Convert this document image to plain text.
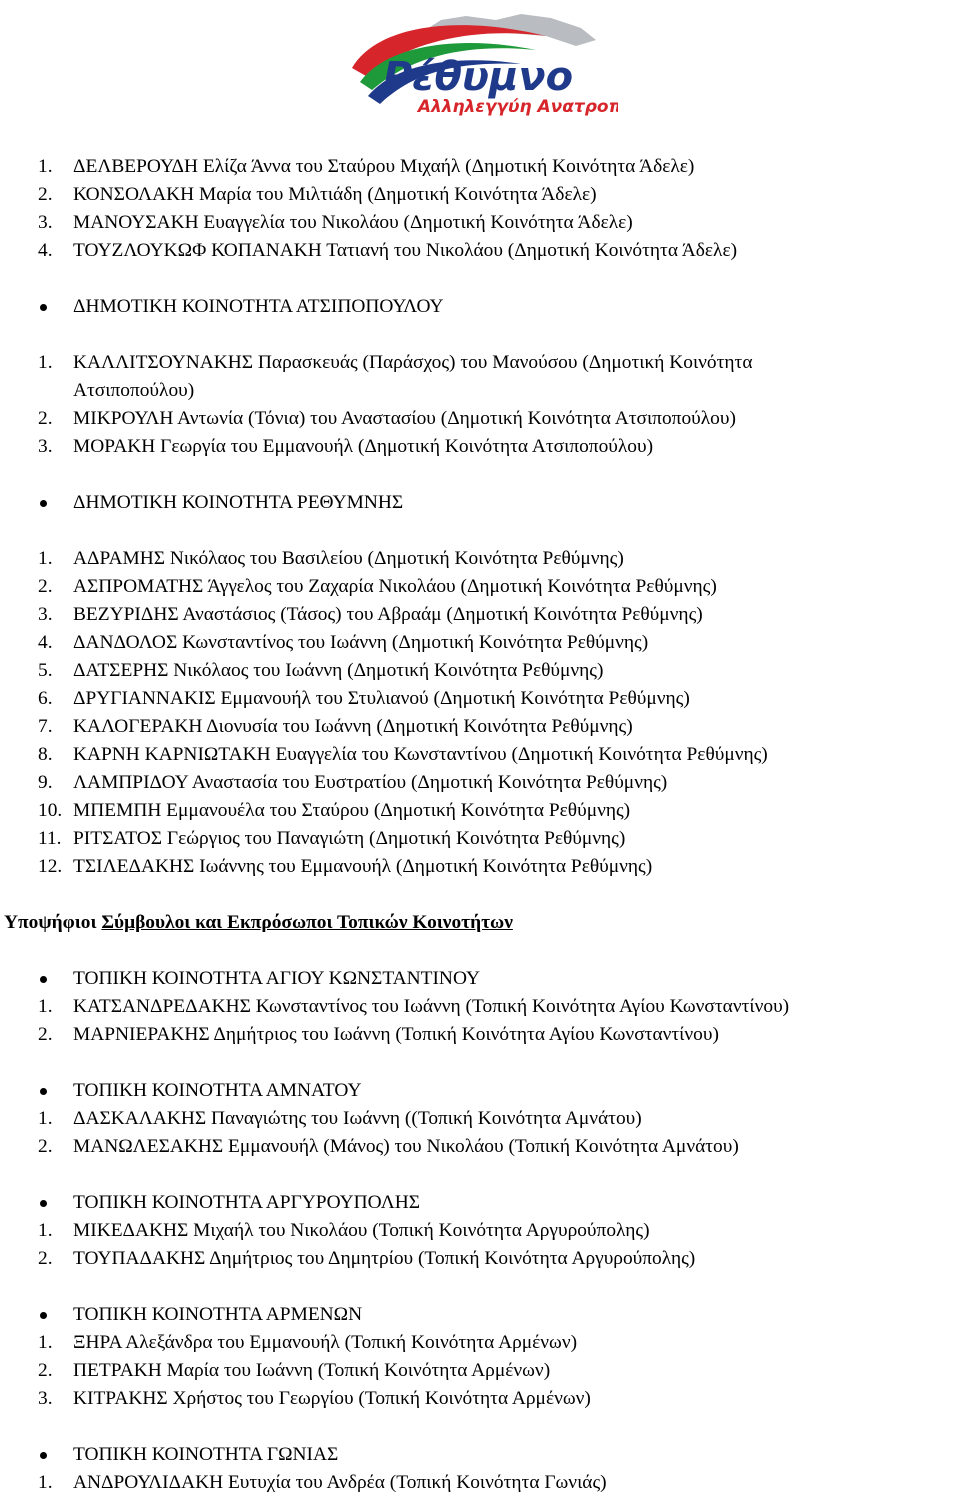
Ρέθυμνο
Αλληλεγγύη Ανατροπή
1.	ΔΕΛΒΕΡΟΥΔΗ Ελίζα Άννα του Σταύρου Μιχαήλ (Δημοτική Κοινότητα Άδελε)
2.	ΚΟΝΣΟΛΑΚΗ Μαρία του Μιλτιάδη (Δημοτική Κοινότητα Άδελε)
3.	ΜΑΝΟΥΣΑΚΗ Ευαγγελία του Νικολάου (Δημοτική Κοινότητα Άδελε)
4.	ΤΟΥΖΛΟΥΚΩΦ ΚΟΠΑΝΑΚΗ Τατιανή του Νικολάου (Δημοτική Κοινότητα Άδελε)
ΔΗΜΟΤΙΚΗ ΚΟΙΝΟΤΗΤΑ ΑΤΣΙΠΟΠΟΥΛΟΥ
1.	ΚΑΛΛΙΤΣΟΥΝΑΚΗΣ Παρασκευάς (Παράσχος) του Μανούσου (Δημοτική Κοινότητα
Ατσιποπούλου)
2.	ΜΙΚΡΟΥΛΗ Αντωνία (Τόνια) του Αναστασίου (Δημοτική Κοινότητα Ατσιποπούλου)
3.	ΜΟΡΑΚΗ Γεωργία του Εμμανουήλ (Δημοτική Κοινότητα Ατσιποπούλου)
ΔΗΜΟΤΙΚΗ ΚΟΙΝΟΤΗΤΑ ΡΕΘΥΜΝΗΣ
1.	ΑΔΡΑΜΗΣ Νικόλαος του Βασιλείου (Δημοτική Κοινότητα Ρεθύμνης)
2.	ΑΣΠΡΟΜΑΤΗΣ Άγγελος του Ζαχαρία Νικολάου (Δημοτική Κοινότητα Ρεθύμνης)
3.	ΒΕΖΥΡΙΔΗΣ Αναστάσιος (Τάσος) του Αβραάμ (Δημοτική Κοινότητα Ρεθύμνης)
4.	ΔΑΝΔΟΛΟΣ Κωνσταντίνος του Ιωάννη (Δημοτική Κοινότητα Ρεθύμνης)
5.	ΔΑΤΣΕΡΗΣ Νικόλαος του Ιωάννη (Δημοτική Κοινότητα Ρεθύμνης)
6.	ΔΡΥΓΙΑΝΝΑΚΙΣ Εμμανουήλ του Στυλιανού (Δημοτική Κοινότητα Ρεθύμνης)
7.	ΚΑΛΟΓΕΡΑΚΗ Διονυσία του Ιωάννη (Δημοτική Κοινότητα Ρεθύμνης)
8.	ΚΑΡΝΗ ΚΑΡΝΙΩΤΑΚΗ Ευαγγελία του Κωνσταντίνου (Δημοτική Κοινότητα Ρεθύμνης)
9.	ΛΑΜΠΡΙΔΟΥ Αναστασία του Ευστρατίου (Δημοτική Κοινότητα Ρεθύμνης)
10. ΜΠΕΜΠΗ Εμμανουέλα του Σταύρου (Δημοτική Κοινότητα Ρεθύμνης)
11. ΡΙΤΣΑΤΟΣ Γεώργιος του Παναγιώτη (Δημοτική Κοινότητα Ρεθύμνης)
12. ΤΣΙΛΕΔΑΚΗΣ Ιωάννης του Εμμανουήλ (Δημοτική Κοινότητα Ρεθύμνης)
Υποψήφιοι Σύμβουλοι και Εκπρόσωποι Τοπικών Κοινοτήτων
ΤΟΠΙΚΗ ΚΟΙΝΟΤΗΤΑ ΑΓΙΟΥ ΚΩΝΣΤΑΝΤΙΝΟΥ
1.	ΚΑΤΣΑΝΔΡΕΔΑΚΗΣ Κωνσταντίνος του Ιωάννη (Τοπική Κοινότητα Αγίου Κωνσταντίνου)
2.	ΜΑΡΝΙΕΡΑΚΗΣ Δημήτριος του Ιωάννη (Τοπική Κοινότητα Αγίου Κωνσταντίνου)
ΤΟΠΙΚΗ ΚΟΙΝΟΤΗΤΑ ΑΜΝΑΤΟΥ
1.	ΔΑΣΚΑΛΑΚΗΣ Παναγιώτης του Ιωάννη ((Τοπική Κοινότητα Αμνάτου)
2.	ΜΑΝΩΛΕΣΑΚΗΣ Εμμανουήλ (Μάνος) του Νικολάου (Τοπική Κοινότητα Αμνάτου)
ΤΟΠΙΚΗ ΚΟΙΝΟΤΗΤΑ ΑΡΓΥΡΟΥΠΟΛΗΣ
1.	ΜΙΚΕΔΑΚΗΣ Μιχαήλ του Νικολάου (Τοπική Κοινότητα Αργυρούπολης)
2.	ΤΟΥΠΑΔΑΚΗΣ Δημήτριος του Δημητρίου (Τοπική Κοινότητα Αργυρούπολης)
ΤΟΠΙΚΗ ΚΟΙΝΟΤΗΤΑ ΑΡΜΕΝΩΝ
1.	ΞΗΡΑ Αλεξάνδρα του Εμμανουήλ (Τοπική Κοινότητα Αρμένων)
2.	ΠΕΤΡΑΚΗ Μαρία του Ιωάννη (Τοπική Κοινότητα Αρμένων)
3.	ΚΙΤΡΑΚΗΣ Χρήστος του Γεωργίου (Τοπική Κοινότητα Αρμένων)
ΤΟΠΙΚΗ ΚΟΙΝΟΤΗΤΑ ΓΩΝΙΑΣ
1.	ΑΝΔΡΟΥΛΙΔΑΚΗ Ευτυχία του Ανδρέα (Τοπική Κοινότητα Γωνιάς)
